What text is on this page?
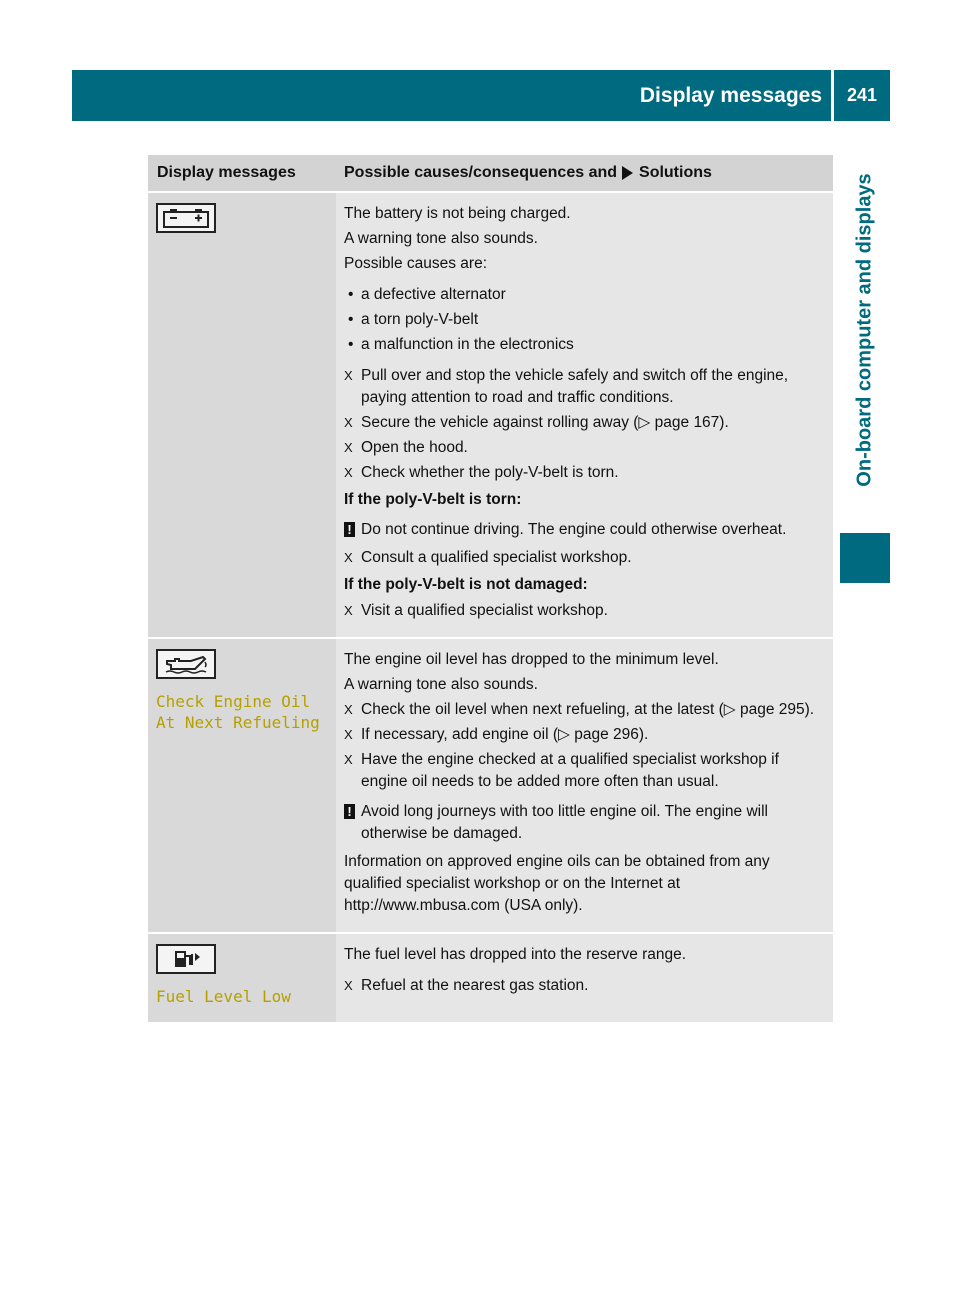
Display messages	241
On-board computer and displays
Display messages	Possible causes/consequences and Solutions

The battery is not being charged.

A warning tone also sounds.

Possible causes are:

• a defective alternator
• a torn poly-V-belt
• a malfunction in the electronics
X Pull over and stop the vehicle safely and switch off the engine, paying attention to road and traffic conditions.
X Secure the vehicle against rolling away (▷ page 167).
X Open the hood.
X Check whether the poly-V-belt is torn.
If the poly-V-belt is torn:
! Do not continue driving. The engine could otherwise overheat.
X Consult a qualified specialist workshop.
If the poly-V-belt is not damaged:
X Visit a qualified specialist workshop.
Check Engine Oil
At Next Refueling

The engine oil level has dropped to the minimum level.

A warning tone also sounds.

X Check the oil level when next refueling, at the latest (▷ page 295).
X If necessary, add engine oil (▷ page 296).
X Have the engine checked at a qualified specialist workshop if engine oil needs to be added more often than usual.
! Avoid long journeys with too little engine oil. The engine will otherwise be damaged.

Information on approved engine oils can be obtained from any qualified specialist workshop or on the Internet at http://www.mbusa.com (USA only).

Fuel Level Low

The fuel level has dropped into the reserve range.

X Refuel at the nearest gas station.
